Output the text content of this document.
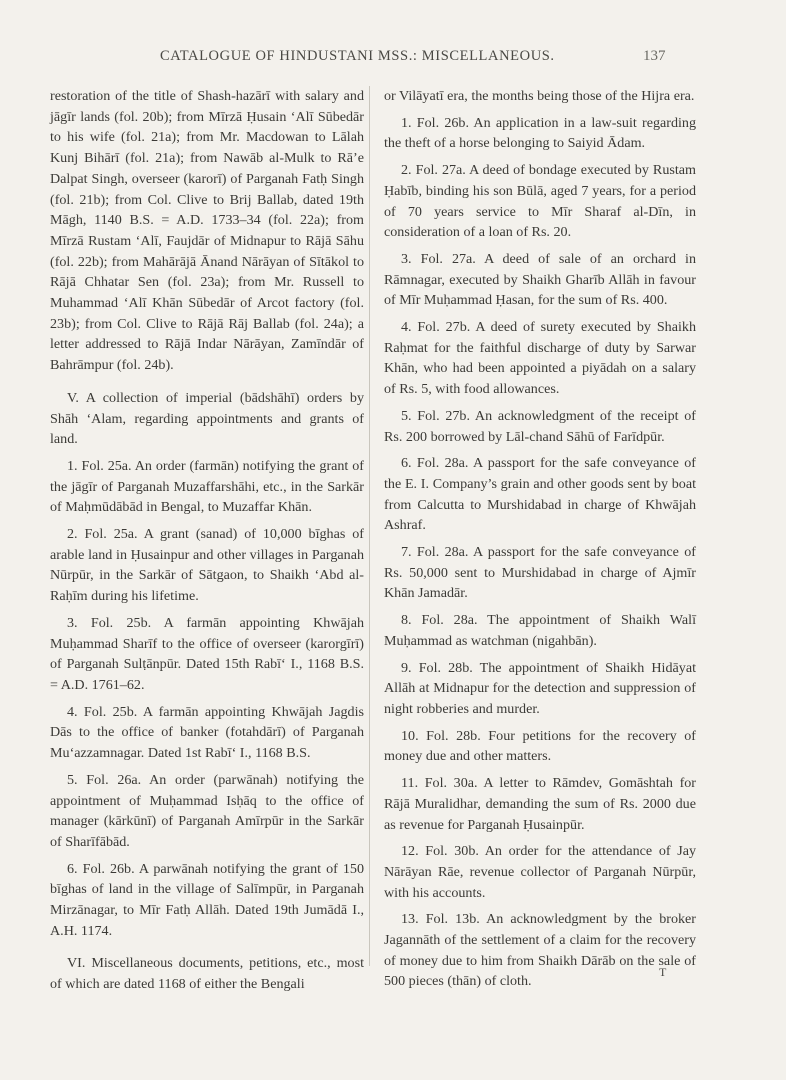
CATALOGUE OF HINDUSTANI MSS.: MISCELLANEOUS.	137

restoration of the title of Shash-hazārī with salary and jāgīr lands (fol. 20b); from Mīrzā Ḥusain ‘Alī Sūbedār to his wife (fol. 21a); from Mr. Macdowan to Lālah Kunj Bihārī (fol. 21a); from Nawāb al-Mulk to Rā’e Dalpat Singh, overseer (karorī) of Parganah Fatḥ Singh (fol. 21b); from Col. Clive to Brij Ballab, dated 19th Māgh, 1140 B.S. = A.D. 1733–34 (fol. 22a); from Mīrzā Rustam ‘Alī, Faujdār of Midnapur to Rājā Sāhu (fol. 22b); from Mahārājā Ānand Nārāyan of Sītākol to Rājā Chhatar Sen (fol. 23a); from Mr. Russell to Muhammad ‘Alī Khān Sūbedār of Arcot factory (fol. 23b); from Col. Clive to Rājā Rāj Ballab (fol. 24a); a letter addressed to Rājā Indar Nārāyan, Zamīndār of Bahrāmpur (fol. 24b).

V. A collection of imperial (bādshāhī) orders by Shāh ‘Alam, regarding appointments and grants of land.

1. Fol. 25a. An order (farmān) notifying the grant of the jāgīr of Parganah Muzaffarshāhi, etc., in the Sarkār of Maḥmūdābād in Bengal, to Muzaffar Khān.

2. Fol. 25a. A grant (sanad) of 10,000 bīghas of arable land in Ḥusainpur and other villages in Parganah Nūrpūr, in the Sarkār of Sātgaon, to Shaikh ‘Abd al-Raḥīm during his lifetime.

3. Fol. 25b. A farmān appointing Khwājah Muḥammad Sharīf to the office of overseer (karorgīrī) of Parganah Sulṭānpūr. Dated 15th Rabī‘ I., 1168 B.S. = A.D. 1761–62.

4. Fol. 25b. A farmān appointing Khwājah Jagdis Dās to the office of banker (fotahdārī) of Parganah Mu‘azzamnagar. Dated 1st Rabī‘ I., 1168 B.S.

5. Fol. 26a. An order (parwānah) notifying the appointment of Muḥammad Isḥāq to the office of manager (kārkūnī) of Parganah Amīrpūr in the Sarkār of Sharīfābād.

6. Fol. 26b. A parwānah notifying the grant of 150 bīghas of land in the village of Salīmpūr, in Parganah Mirzānagar, to Mīr Fatḥ Allāh. Dated 19th Jumādā I., A.H. 1174.

VI. Miscellaneous documents, petitions, etc., most of which are dated 1168 of either the Bengali

or Vilāyatī era, the months being those of the Hijra era.

1. Fol. 26b. An application in a law-suit regarding the theft of a horse belonging to Saiyid Ādam.

2. Fol. 27a. A deed of bondage executed by Rustam Ḥabīb, binding his son Būlā, aged 7 years, for a period of 70 years service to Mīr Sharaf al-Dīn, in consideration of a loan of Rs. 20.

3. Fol. 27a. A deed of sale of an orchard in Rāmnagar, executed by Shaikh Gharīb Allāh in favour of Mīr Muḥammad Ḥasan, for the sum of Rs. 400.

4. Fol. 27b. A deed of surety executed by Shaikh Raḥmat for the faithful discharge of duty by Sarwar Khān, who had been appointed a piyādah on a salary of Rs. 5, with food allowances.

5. Fol. 27b. An acknowledgment of the receipt of Rs. 200 borrowed by Lāl-chand Sāhū of Farīdpūr.

6. Fol. 28a. A passport for the safe conveyance of the E. I. Company’s grain and other goods sent by boat from Calcutta to Murshidabad in charge of Khwājah Ashraf.

7. Fol. 28a. A passport for the safe conveyance of Rs. 50,000 sent to Murshidabad in charge of Ajmīr Khān Jamadār.

8. Fol. 28a. The appointment of Shaikh Walī Muḥammad as watchman (nigahbān).

9. Fol. 28b. The appointment of Shaikh Hidāyat Allāh at Midnapur for the detection and suppression of night robberies and murder.

10. Fol. 28b. Four petitions for the recovery of money due and other matters.

11. Fol. 30a. A letter to Rāmdev, Gomāshtah for Rājā Muralidhar, demanding the sum of Rs. 2000 due as revenue for Parganah Ḥusainpūr.

12. Fol. 30b. An order for the attendance of Jay Nārāyan Rāe, revenue collector of Parganah Nūrpūr, with his accounts.

13. Fol. 13b. An acknowledgment by the broker Jagannāth of the settlement of a claim for the recovery of money due to him from Shaikh Dārāb on the sale of 500 pieces (thān) of cloth.

T
